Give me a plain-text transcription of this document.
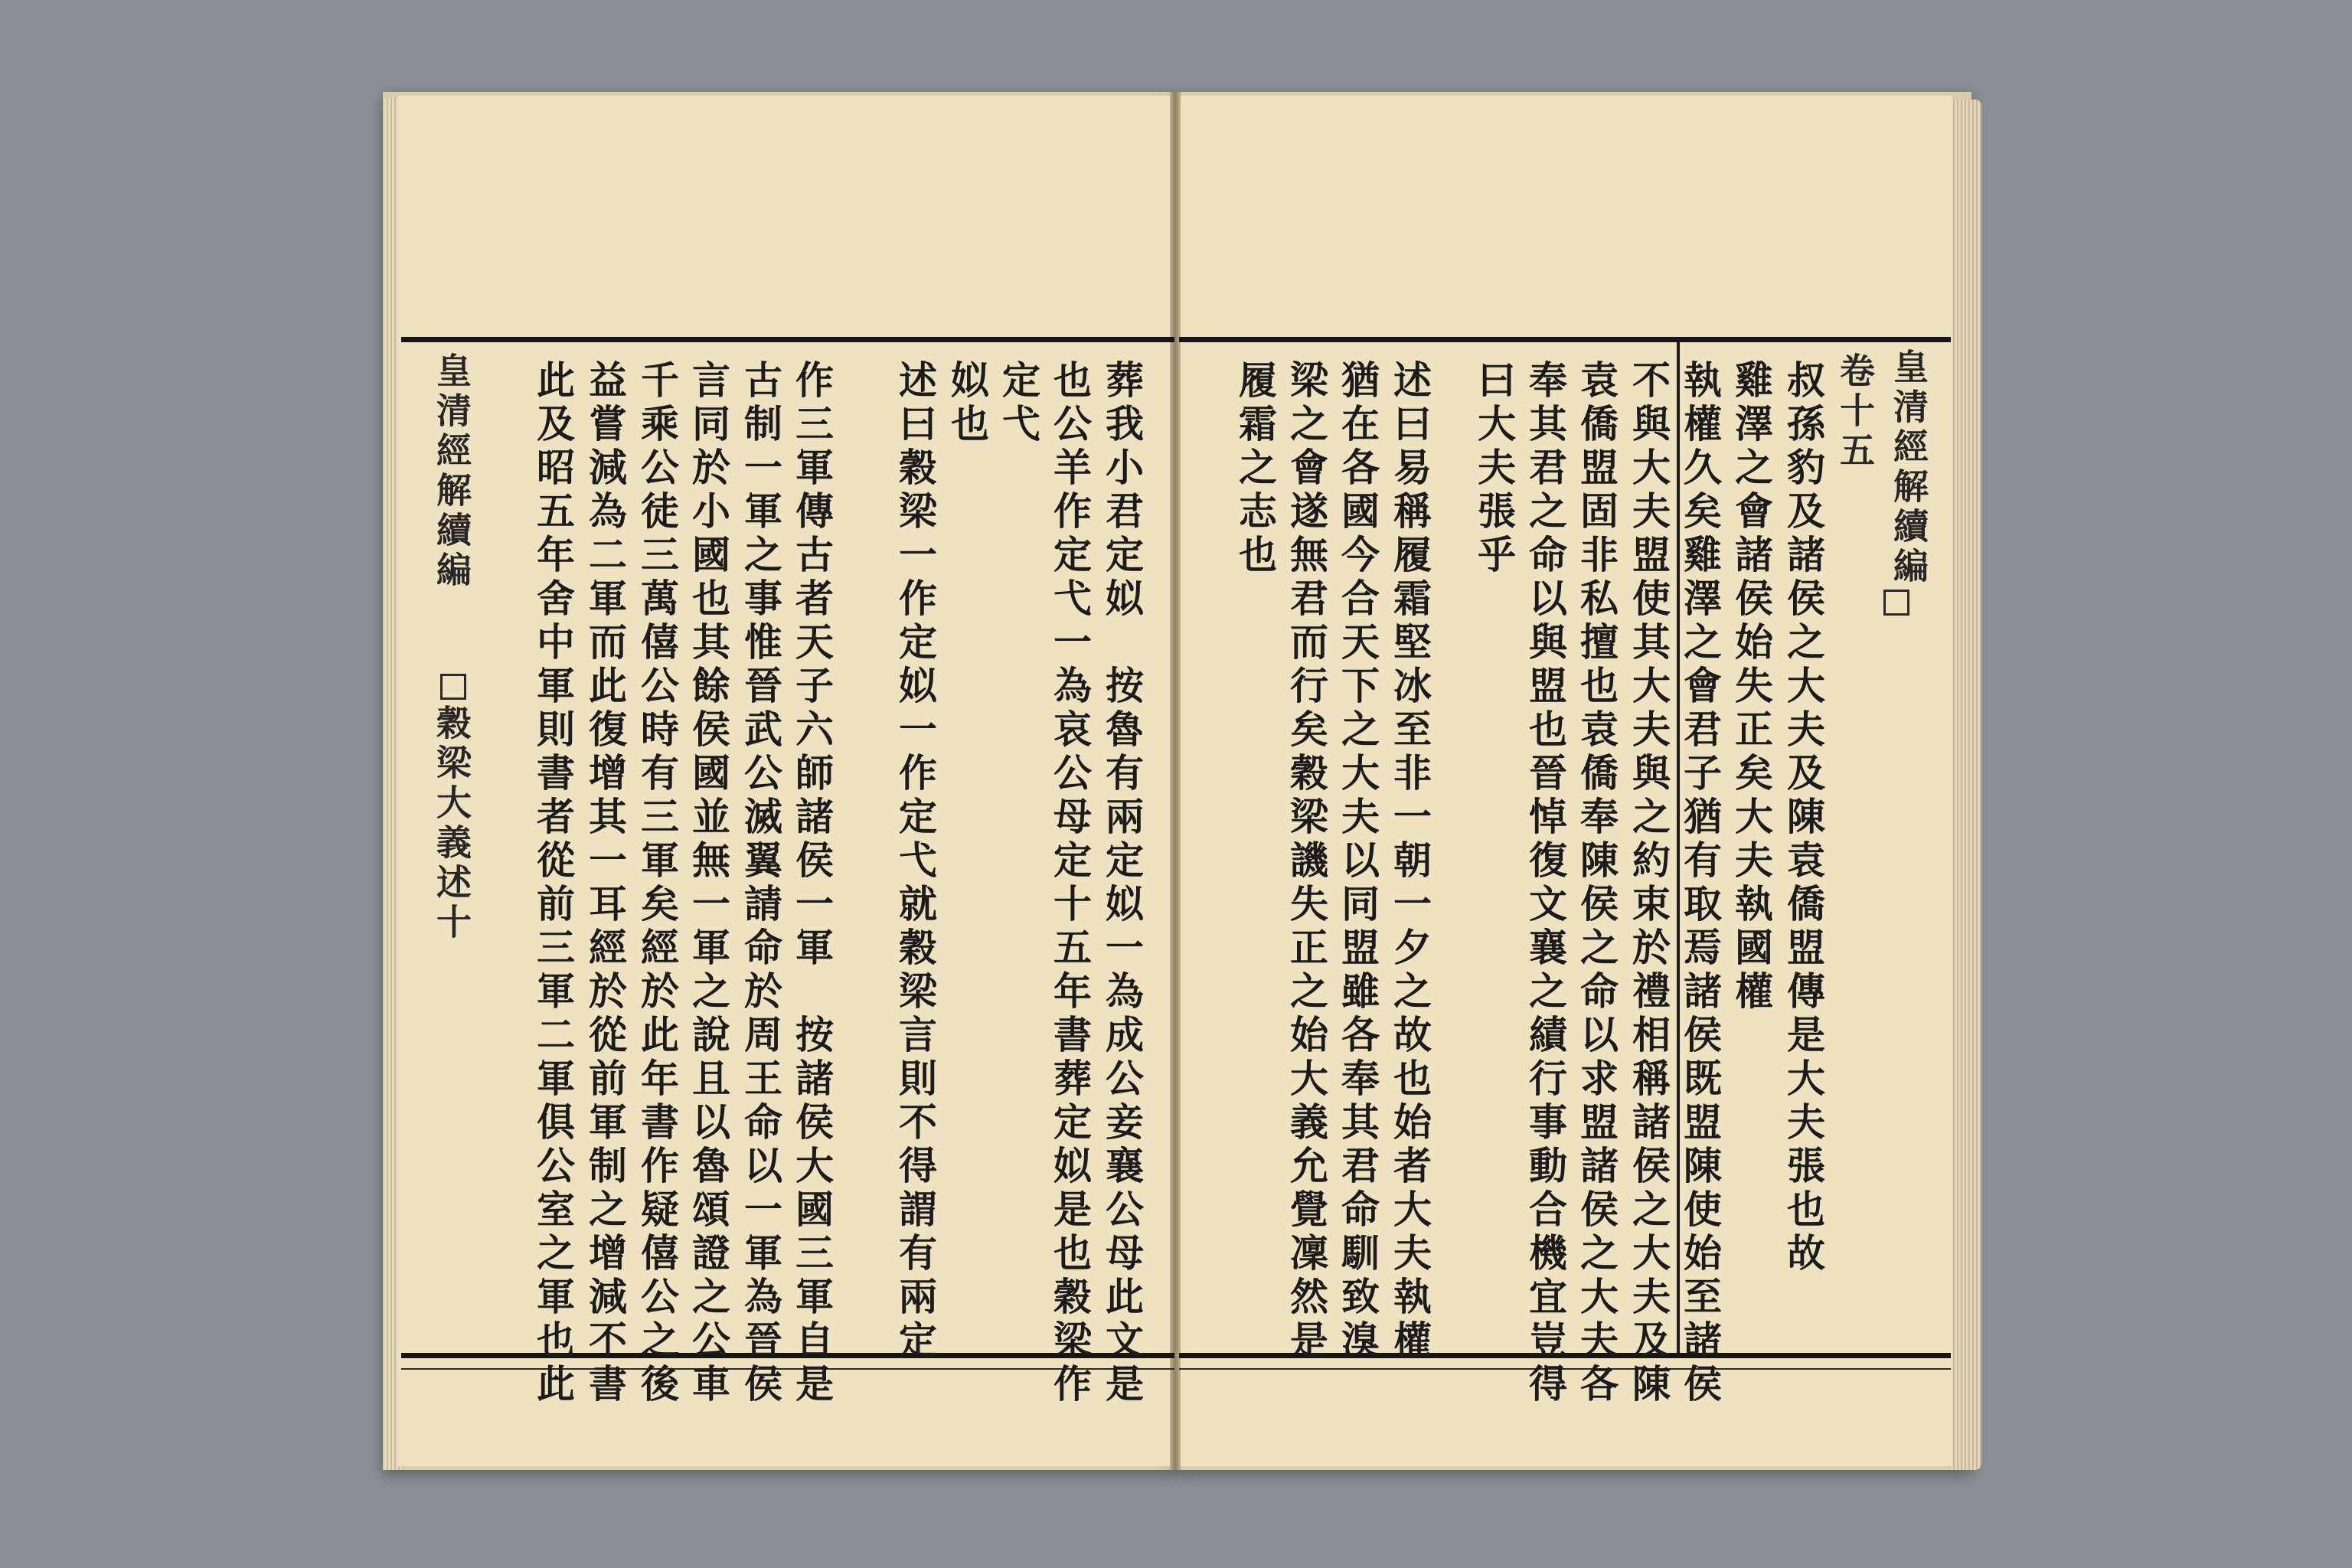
叔孫豹及諸侯之大夫及陳袁僑盟傳是大夫張也故
雞澤之會諸侯始失正矣大夫執國權
執權久矣雞澤之會君子猶有取焉諸侯既盟陳使始至諸侯
不與大夫盟使其大夫與之約束於禮相稱諸侯之大夫及陳
袁僑盟固非私擅也袁僑奉陳侯之命以求盟諸侯之大夫各
奉其君之命以與盟也晉悼復文襄之績行事動合機宜豈得
曰大夫張乎
述曰易稱履霜堅冰至非一朝一夕之故也始者大夫執權
猶在各國今合天下之大夫以同盟雖各奉其君命馴致溴
梁之會遂無君而行矣穀梁譏失正之始大義允覺凜然是
履霜之志也	皇清經解續編
卷十五
葬我小君定姒　按魯有兩定姒一為成公妾襄公母此文是
也公羊作定弋一為哀公母定十五年書葬定姒是也穀梁作
定弋
姒也
述曰穀梁一作定姒一作定弋就穀梁言則不得謂有兩定
作三軍傳古者天子六師諸侯一軍　按諸侯大國三軍自是
古制一軍之事惟晉武公滅翼請命於周王命以一軍為晉侯
言同於小國也其餘侯國並無一軍之說且以魯頌證之公車
千乘公徒三萬僖公時有三軍矣經於此年書作疑僖公之後
益嘗減為二軍而此復增其一耳經於從前軍制之增減不書
此及昭五年舍中軍則書者從前三軍二軍俱公室之軍也此
皇清經解續編
穀梁大義述十
